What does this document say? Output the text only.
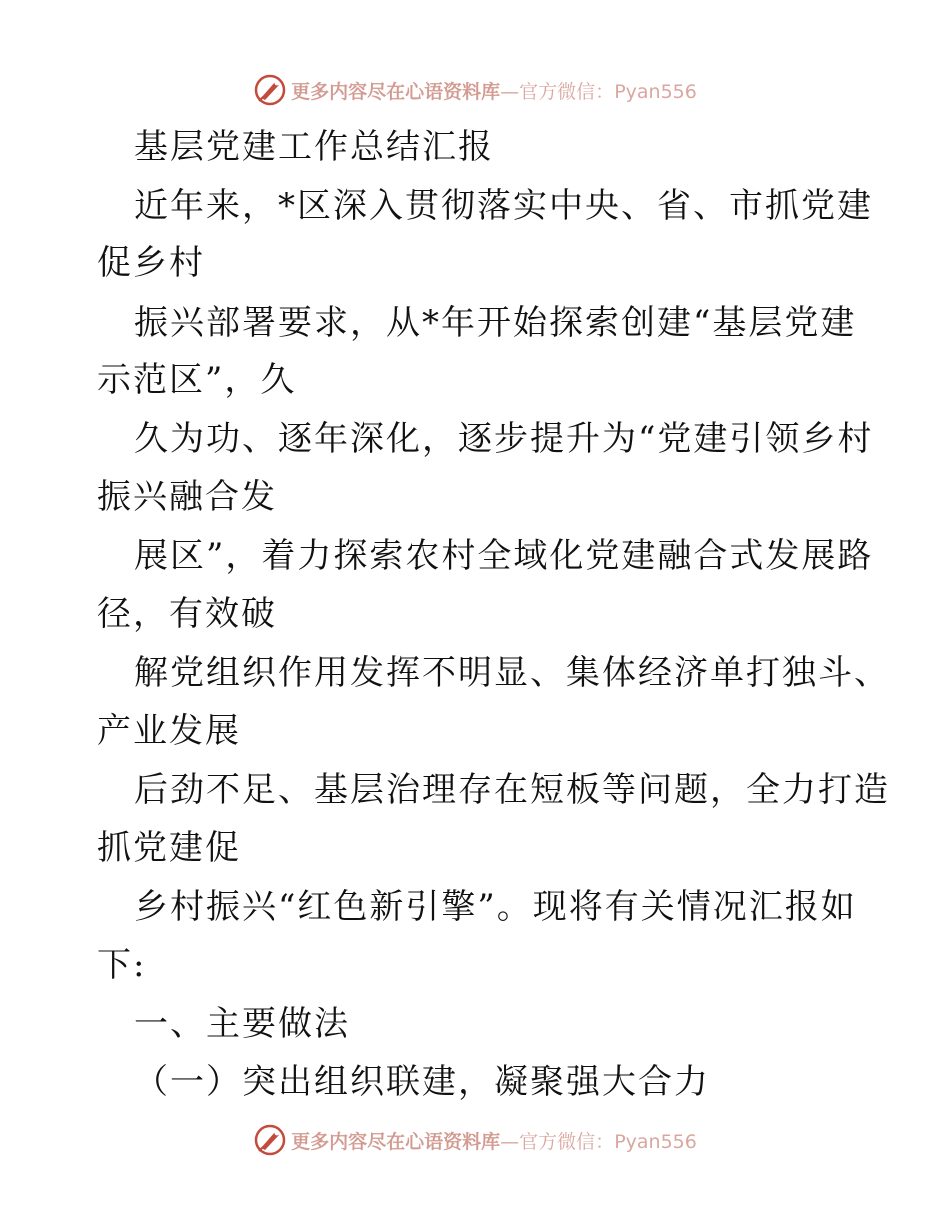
更多内容尽在心语资料库—官方微信：Pyan556
基层党建工作总结汇报
近年来，*区深入贯彻落实中央、省、市抓党建
促乡村
振兴部署要求，从*年开始探索创建“基层党建
示范区”，久
久为功、逐年深化，逐步提升为“党建引领乡村
振兴融合发
展区”，着力探索农村全域化党建融合式发展路
径，有效破
解党组织作用发挥不明显、集体经济单打独斗、
产业发展
后劲不足、基层治理存在短板等问题，全力打造
抓党建促
乡村振兴“红色新引擎”。现将有关情况汇报如
下:
一、主要做法
（一）突出组织联建，凝聚强大合力
更多内容尽在心语资料库—官方微信：Pyan556
